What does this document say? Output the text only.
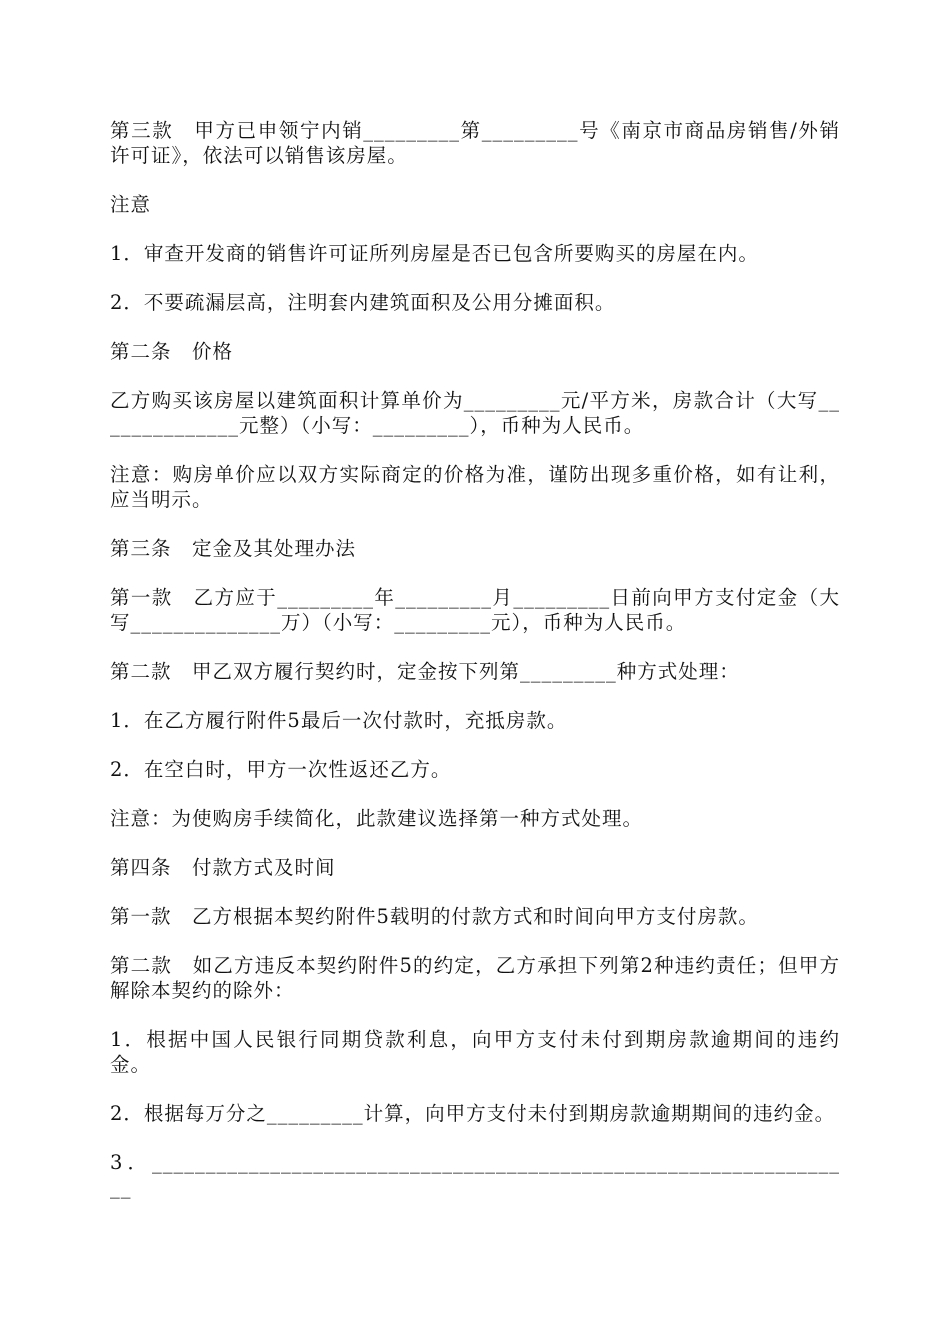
第三款　甲方已申领宁内销_________第_________号《南京市商品房销售/外销许可证》，依法可以销售该房屋。

注意

1．审查开发商的销售许可证所列房屋是否已包含所要购买的房屋在内。

2．不要疏漏层高，注明套内建筑面积及公用分摊面积。

第二条　价格

乙方购买该房屋以建筑面积计算单价为_________元/平方米，房款合计（大写______________元整）（小写：_________），币种为人民币。

注意：购房单价应以双方实际商定的价格为准，谨防出现多重价格，如有让利，应当明示。

第三条　定金及其处理办法

第一款　乙方应于_________年_________月_________日前向甲方支付定金（大写______________万）（小写：_________元），币种为人民币。

第二款　甲乙双方履行契约时，定金按下列第_________种方式处理：

1．在乙方履行附件5最后一次付款时，充抵房款。

2．在空白时，甲方一次性返还乙方。

注意：为使购房手续简化，此款建议选择第一种方式处理。

第四条　付款方式及时间

第一款　乙方根据本契约附件5载明的付款方式和时间向甲方支付房款。

第二款　如乙方违反本契约附件5的约定，乙方承担下列第2种违约责任；但甲方解除本契约的除外：

1．根据中国人民银行同期贷款利息，向甲方支付未付到期房款逾期间的违约金。

2．根据每万分之_________计算，向甲方支付未付到期房款逾期期间的违约金。

3．__________________________________________________________________
